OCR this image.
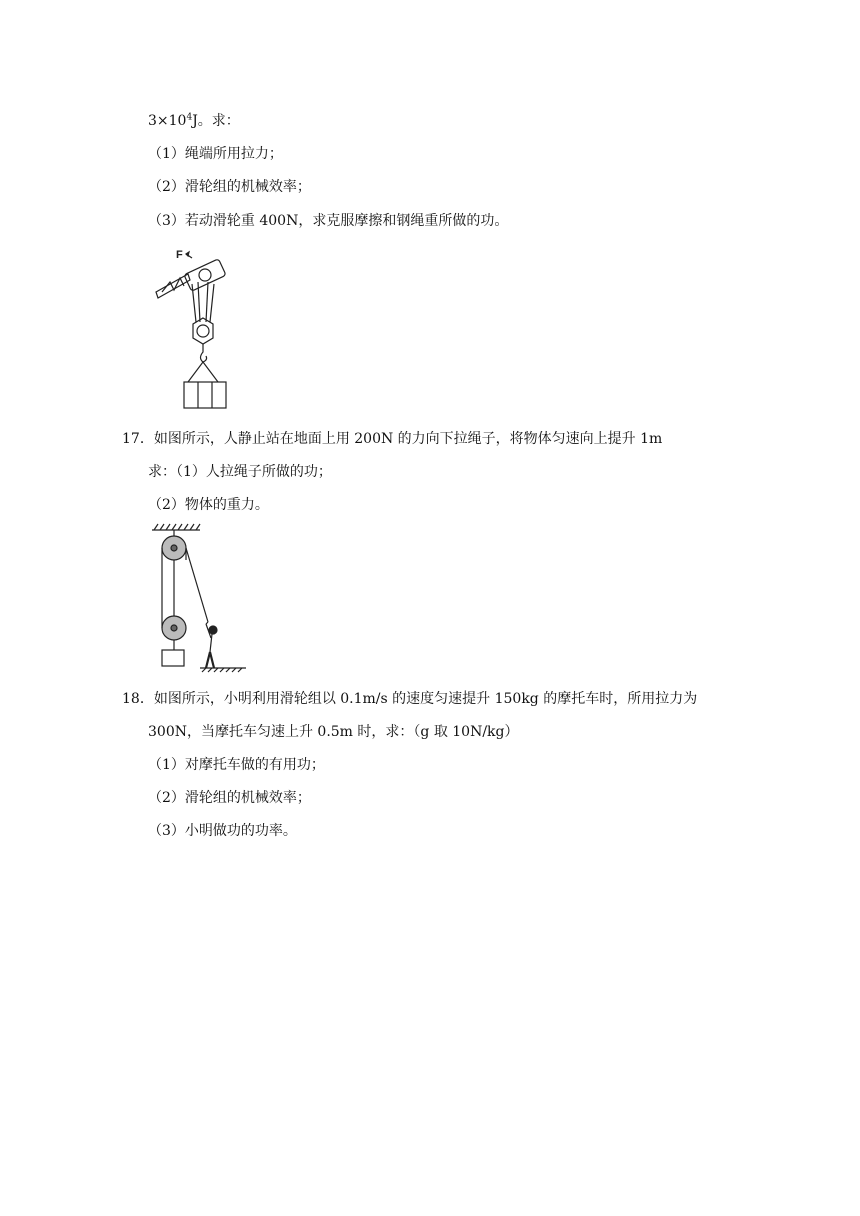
$3\times 10^4J$。求：
（1）绳端所用拉力；
（2）滑轮组的机械效率；
（3）若动滑轮重 400N，求克服摩擦和钢绳重所做的功。
F
17．如图所示，人静止站在地面上用 200N 的力向下拉绳子，将物体匀速向上提升 1m
求：（1）人拉绳子所做的功；
（2）物体的重力。
18．如图所示，小明利用滑轮组以 0.1m/s 的速度匀速提升 150kg 的摩托车时，所用拉力为
300N，当摩托车匀速上升 0.5m 时，求：（g 取 10N/kg）
（1）对摩托车做的有用功；
（2）滑轮组的机械效率；
（3）小明做功的功率。
